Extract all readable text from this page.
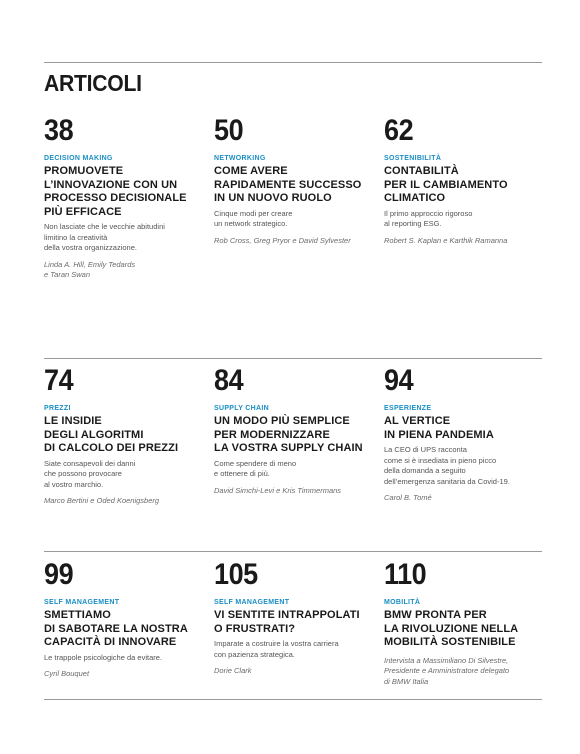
ARTICOLI
38
DECISION MAKING
PROMUOVETE
L’INNOVAZIONE CON UN
PROCESSO DECISIONALE
PIÙ EFFICACE
Non lasciate che le vecchie abitudini
limitino la creatività
della vostra organizzazione.
Linda A. Hill, Emily Tedards
e Taran Swan
50
NETWORKING
COME AVERE
RAPIDAMENTE SUCCESSO
IN UN NUOVO RUOLO
Cinque modi per creare
un network strategico.
Rob Cross, Greg Pryor e David Sylvester
62
SOSTENIBILITÀ
CONTABILITÀ
PER IL CAMBIAMENTO
CLIMATICO
Il primo approccio rigoroso
al reporting ESG.
Robert S. Kaplan e Karthik Ramanna
74
PREZZI
LE INSIDIE
DEGLI ALGORITMI
DI CALCOLO DEI PREZZI
Siate consapevoli dei danni
che possono provocare
al vostro marchio.
Marco Bertini e Oded Koenigsberg
84
SUPPLY CHAIN
UN MODO PIÙ SEMPLICE
PER MODERNIZZARE
LA VOSTRA SUPPLY CHAIN
Come spendere di meno
e ottenere di più.
David Simchi-Levi e Kris Timmermans
94
ESPERIENZE
AL VERTICE
IN PIENA PANDEMIA
La CEO di UPS racconta
come si è insediata in pieno picco
della domanda a seguito
dell’emergenza sanitaria da Covid-19.
Carol B. Tomé
99
SELF MANAGEMENT
SMETTIAMO
DI SABOTARE LA NOSTRA
CAPACITÀ DI INNOVARE
Le trappole psicologiche da evitare.
Cyril Bouquet
105
SELF MANAGEMENT
VI SENTITE INTRAPPOLATI
O FRUSTRATI?
Imparate a costruire la vostra carriera
con pazienza strategica.
Dorie Clark
110
MOBILITÀ
BMW PRONTA PER
LA RIVOLUZIONE NELLA
MOBILITÀ SOSTENIBILE
Intervista a Massimiliano Di Silvestre,
Presidente e Amministratore delegato
di BMW Italia
